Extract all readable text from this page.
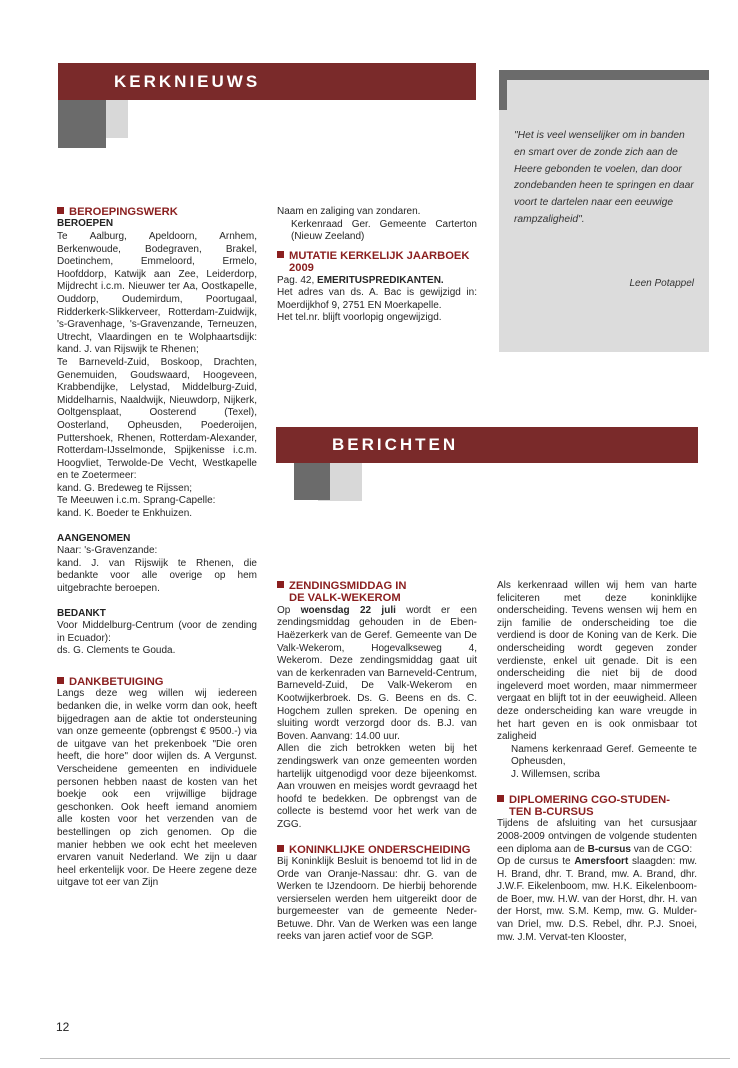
KERKNIEUWS
"Het is veel wenselijker om in banden en smart over de zonde zich aan de Heere gebonden te voelen, dan door zondebanden heen te springen en daar voort te dartelen naar een eeuwige rampzaligheid".
Leen Potappel
BEROEPINGSWERK
BEROEPEN

Te Aalburg, Apeldoorn, Arnhem, Berkenwoude, Bodegraven, Brakel, Doetinchem, Emmeloord, Ermelo, Hoofddorp, Katwijk aan Zee, Leiderdorp, Mijdrecht i.c.m. Nieuwer ter Aa, Oostkapelle, Ouddorp, Oudemirdum, Poortugaal, Ridderkerk-Slikkerveer, Rotterdam-Zuidwijk, 's-Gravenhage, 's-Gravenzande, Terneuzen, Utrecht, Vlaardingen en te Wolphaartsdijk: kand. J. van Rijswijk te Rhenen;

Te Barneveld-Zuid, Boskoop, Drachten, Genemuiden, Goudswaard, Hoogeveen, Krabbendijke, Lelystad, Middelburg-Zuid, Middelharnis, Naaldwijk, Nieuwdorp, Nijkerk, Ooltgensplaat, Oosterend (Texel), Oosterland, Opheusden, Poederoijen, Puttershoek, Rhenen, Rotterdam-Alexander, Rotterdam-IJsselmonde, Spijkenisse i.c.m. Hoogvliet, Terwolde-De Vecht, Westkapelle en te Zoetermeer:

kand. G. Bredeweg te Rijssen;

Te Meeuwen i.c.m. Sprang-Capelle:

kand. K. Boeder te Enkhuizen.

AANGENOMEN

Naar: 's-Gravenzande:

kand. J. van Rijswijk te Rhenen, die bedankte voor alle overige op hem uitgebrachte beroepen.

BEDANKT

Voor Middelburg-Centrum (voor de zending in Ecuador):

ds. G. Clements te Gouda.

DANKBETUIGING

Langs deze weg willen wij iedereen bedanken die, in welke vorm dan ook, heeft bijgedragen aan de aktie tot ondersteuning van onze gemeente (opbrengst € 9500.-) via de uitgave van het prekenboek "Die oren heeft, die hore" door wijlen ds. A Vergunst. Verscheidene gemeenten en individuele personen hebben naast de kosten van het boekje ook een vrijwillige bijdrage geschonken. Ook heeft iemand anomiem alle kosten voor het verzenden van de bestellingen op zich genomen. Op die manier hebben we ook echt het meeleven ervaren vanuit Nederland. We zijn u daar heel erkentelijk voor. De Heere zegene deze uitgave tot eer van Zijn

Naam en zaliging van zondaren.

Kerkenraad Ger. Gemeente Carterton (Nieuw Zeeland)

MUTATIE KERKELIJK JAARBOEK
2009

Pag. 42, EMERITUSPREDIKANTEN.

Het adres van ds. A. Bac is gewijzigd in: Moerdijkhof 9, 2751 EN Moerkapelle.

Het tel.nr. blijft voorlopig ongewijzigd.

BERICHTEN
ZENDINGSMIDDAG IN
DE VALK-WEKEROM

Op woensdag 22 juli wordt er een zendingsmiddag gehouden in de Eben-Haëzerkerk van de Geref. Gemeente van De Valk-Wekerom, Hogevalkseweg 4, Wekerom. Deze zendingsmiddag gaat uit van de kerkenraden van Barneveld-Centrum, Barneveld-Zuid, De Valk-Wekerom en Kootwijkerbroek. Ds. G. Beens en ds. C. Hogchem zullen spreken. De opening en sluiting wordt verzorgd door ds. B.J. van Boven. Aanvang: 14.00 uur.

Allen die zich betrokken weten bij het zendingswerk van onze gemeenten worden hartelijk uitgenodigd voor deze bijeenkomst. Aan vrouwen en meisjes wordt gevraagd het hoofd te bedekken. De opbrengst van de collecte is bestemd voor het werk van de ZGG.

KONINKLIJKE ONDERSCHEIDING

Bij Koninklijk Besluit is benoemd tot lid in de Orde van Oranje-Nassau: dhr. G. van de Werken te IJzendoorn. De hierbij behorende versierselen werden hem uitgereikt door de burgemeester van de gemeente Neder-Betuwe. Dhr. Van de Werken was een lange reeks van jaren actief voor de SGP.

Als kerkenraad willen wij hem van harte feliciteren met deze koninklijke onderscheiding. Tevens wensen wij hem en zijn familie de onderscheiding toe die verdiend is door de Koning van de Kerk. Die onderscheiding wordt gegeven zonder verdienste, enkel uit genade. Dit is een onderscheiding die niet bij de dood ingeleverd moet worden, maar nimmermeer vergaat en blijft tot in der eeuwigheid. Alleen deze onderscheiding kan ware vreugde in het hart geven en is ook onmisbaar tot zaligheid

Namens kerkenraad Geref. Gemeente te Opheusden,

J. Willemsen, scriba

DIPLOMERING CGO-STUDEN-
TEN B-CURSUS

Tijdens de afsluiting van het cursusjaar 2008-2009 ontvingen de volgende studenten een diploma aan de B-cursus van de CGO:

Op de cursus te Amersfoort slaagden: mw. H. Brand, dhr. T. Brand, mw. A. Brand, dhr. J.W.F. Eikelenboom, mw. H.K. Eikelenboom-de Boer, mw. H.W. van der Horst, dhr. H. van der Horst, mw. S.M. Kemp, mw. G. Mulder-van Driel, mw. D.S. Rebel, dhr. P.J. Snoei, mw. J.M. Vervat-ten Klooster,

12
